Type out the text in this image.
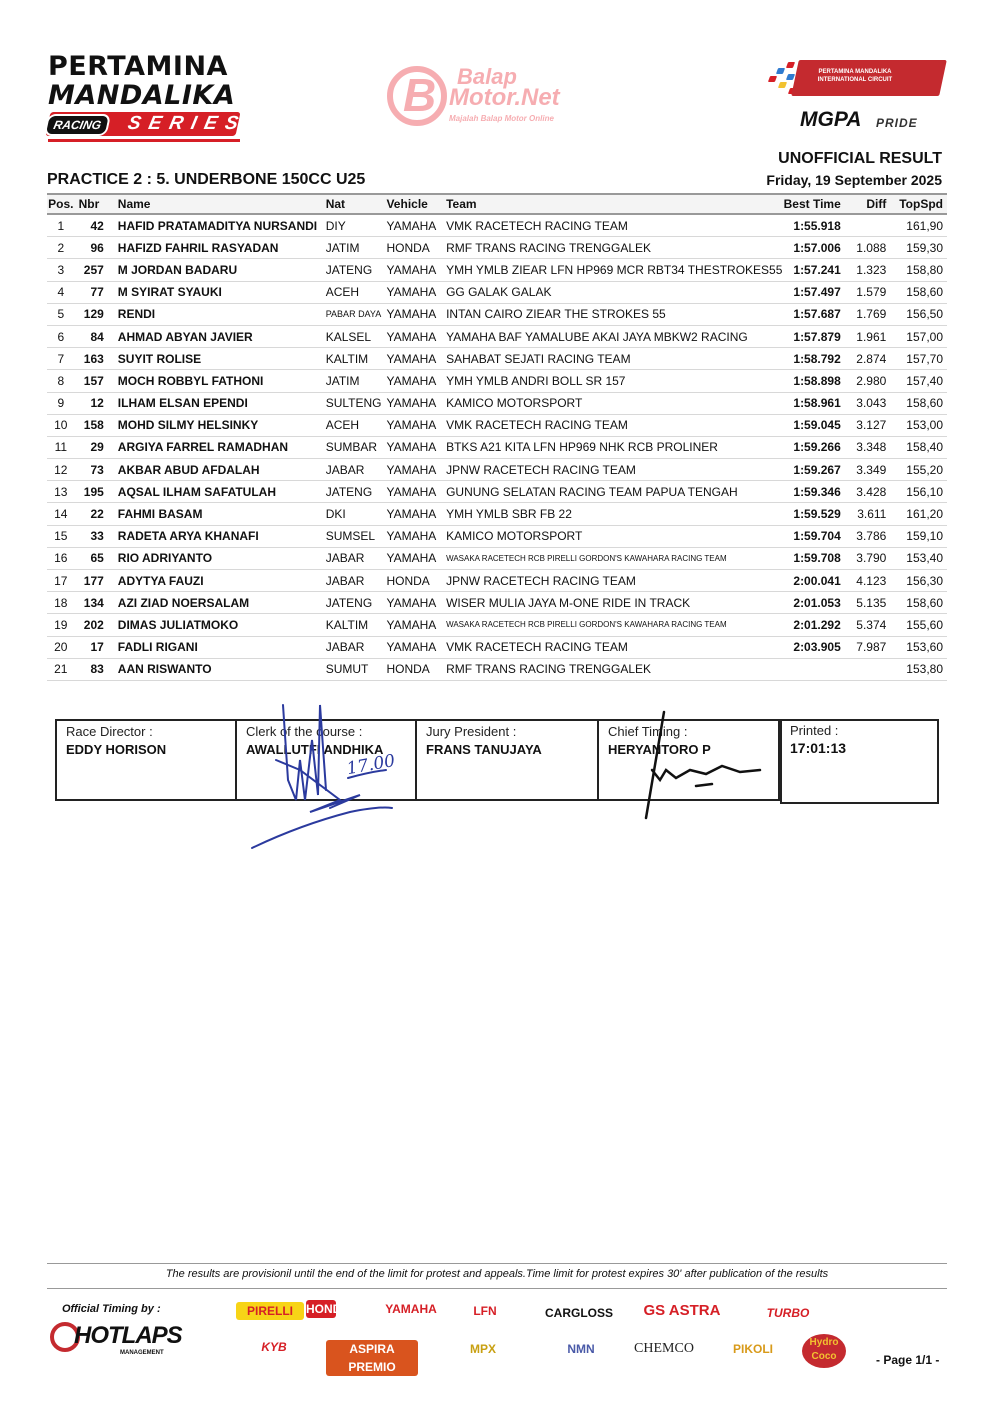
PERTAMINA
MANDALIKA
RACING	SERIES
B Balap
Motor.Net
Majalah Balap Motor Online
PERTAMINA MANDALIKA INTERNATIONAL CIRCUIT
MGPA PRIDE
UNOFFICIAL RESULT
Friday, 19 September 2025
PRACTICE 2 : 5. UNDERBONE 150CC U25
Pos.	Nbr	Name	Nat	Vehicle	Team	Best Time	Diff	TopSpd
1	42	HAFID PRATAMADITYA NURSANDI	DIY	YAMAHA	VMK RACETECH RACING TEAM	1:55.918		161,90
2	96	HAFIZD FAHRIL RASYADAN	JATIM	HONDA	RMF TRANS RACING TRENGGALEK	1:57.006	1.088	159,30
3	257	M JORDAN BADARU	JATENG	YAMAHA	YMH YMLB ZIEAR LFN HP969 MCR RBT34 THESTROKES55	1:57.241	1.323	158,80
4	77	M SYIRAT SYAUKI	ACEH	YAMAHA	GG GALAK GALAK	1:57.497	1.579	158,60
5	129	RENDI	PABAR DAYA	YAMAHA	INTAN CAIRO ZIEAR THE STROKES 55	1:57.687	1.769	156,50
6	84	AHMAD ABYAN JAVIER	KALSEL	YAMAHA	YAMAHA BAF YAMALUBE AKAI JAYA MBKW2 RACING	1:57.879	1.961	157,00
7	163	SUYIT ROLISE	KALTIM	YAMAHA	SAHABAT SEJATI RACING TEAM	1:58.792	2.874	157,70
8	157	MOCH ROBBYL FATHONI	JATIM	YAMAHA	YMH YMLB ANDRI BOLL SR 157	1:58.898	2.980	157,40
9	12	ILHAM ELSAN EPENDI	SULTENG	YAMAHA	KAMICO MOTORSPORT	1:58.961	3.043	158,60
10	158	MOHD SILMY HELSINKY	ACEH	YAMAHA	VMK RACETECH RACING TEAM	1:59.045	3.127	153,00
11	29	ARGIYA FARREL RAMADHAN	SUMBAR	YAMAHA	BTKS A21 KITA LFN HP969 NHK RCB PROLINER	1:59.266	3.348	158,40
12	73	AKBAR ABUD AFDALAH	JABAR	YAMAHA	JPNW RACETECH RACING TEAM	1:59.267	3.349	155,20
13	195	AQSAL ILHAM SAFATULAH	JATENG	YAMAHA	GUNUNG SELATAN RACING TEAM PAPUA TENGAH	1:59.346	3.428	156,10
14	22	FAHMI BASAM	DKI	YAMAHA	YMH YMLB SBR FB 22	1:59.529	3.611	161,20
15	33	RADETA ARYA KHANAFI	SUMSEL	YAMAHA	KAMICO MOTORSPORT	1:59.704	3.786	159,10
16	65	RIO ADRIYANTO	JABAR	YAMAHA	WASAKA RACETECH RCB PIRELLI GORDON'S KAWAHARA RACING TEAM	1:59.708	3.790	153,40
17	177	ADYTYA FAUZI	JABAR	HONDA	JPNW RACETECH RACING TEAM	2:00.041	4.123	156,30
18	134	AZI ZIAD NOERSALAM	JATENG	YAMAHA	WISER MULIA JAYA M-ONE RIDE IN TRACK	2:01.053	5.135	158,60
19	202	DIMAS JULIATMOKO	KALTIM	YAMAHA	WASAKA RACETECH RCB PIRELLI GORDON'S KAWAHARA RACING TEAM	2:01.292	5.374	155,60
20	17	FADLI RIGANI	JABAR	YAMAHA	VMK RACETECH RACING TEAM	2:03.905	7.987	153,60
21	83	AAN RISWANTO	SUMUT	HONDA	RMF TRANS RACING TRENGGALEK			153,80
Race Director :
EDDY HORISON
Clerk of the course :
AWALLUTFI ANDHIKA
Jury President :
FRANS TANUJAYA
Chief Timing :
HERYANTORO P
Printed :
17:01:13
17.00
The results are provisionil until the end of the limit for protest and appeals.Time limit for protest expires 30' after publication of the results
Official Timing by :
HOTLAPS
MANAGEMENT
PIRELLI	HONDA	YAMAHA	LFN	CARGLOSS	GS ASTRA	TURBO
KYB	ASPIRA PREMIO
MPX	NMN	CHEMCO	PIKOLI	Hydro Coco	- Page 1/1 -
